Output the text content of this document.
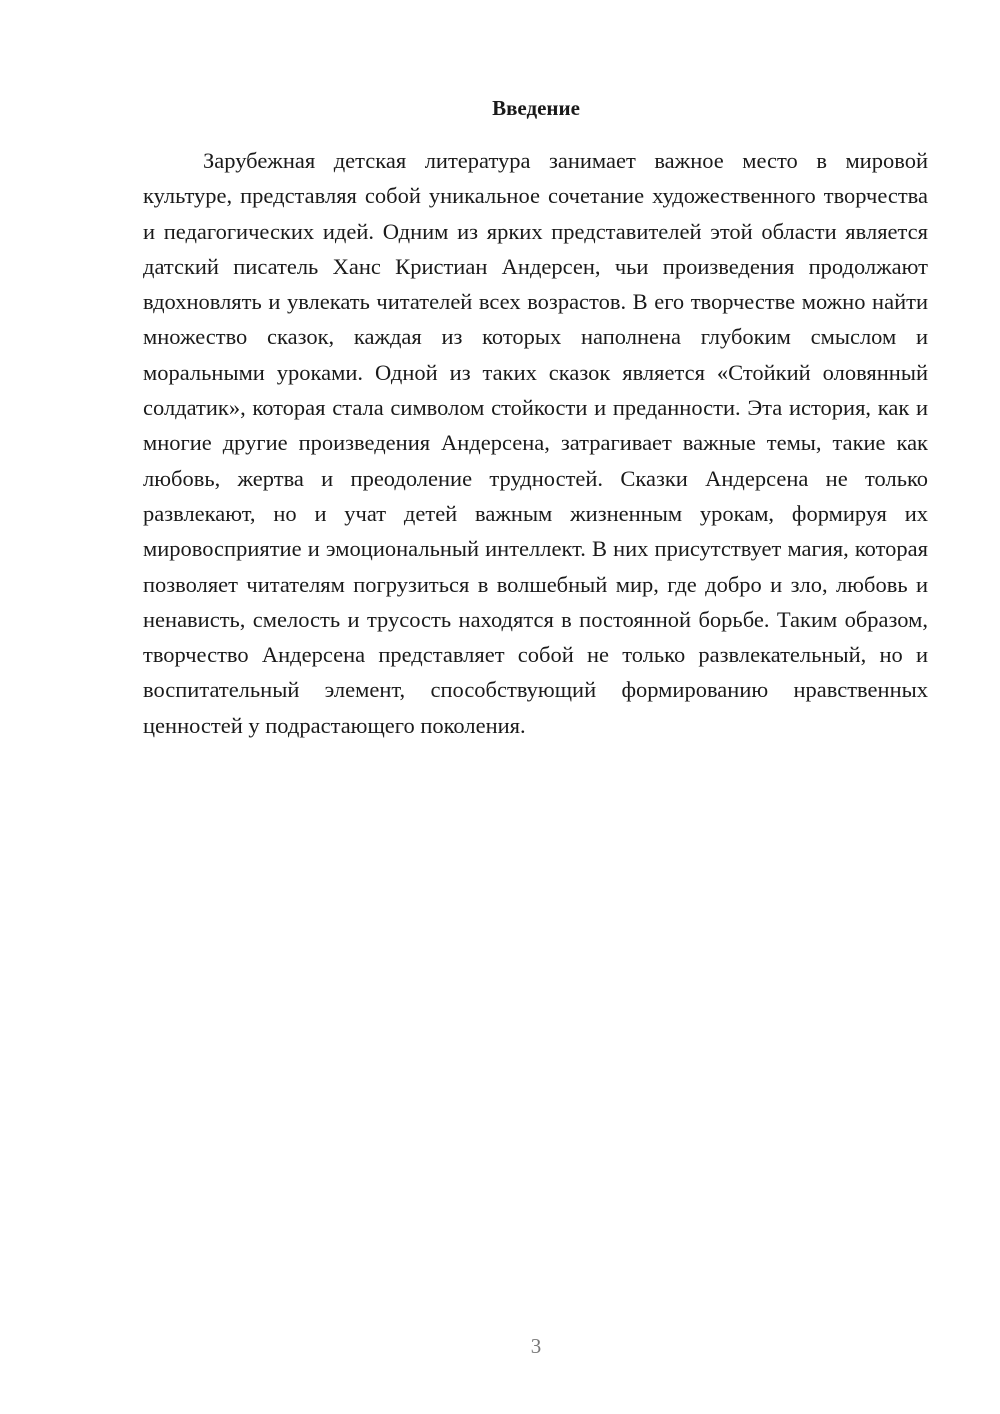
Введение

Зарубежная детская литература занимает важное место в мировой культуре, представляя собой уникальное сочетание художественного творчества и педагогических идей. Одним из ярких представителей этой области является датский писатель Ханс Кристиан Андерсен, чьи произведения продолжают вдохновлять и увлекать читателей всех возрастов. В его творчестве можно найти множество сказок, каждая из которых наполнена глубоким смыслом и моральными уроками. Одной из таких сказок является «Стойкий оловянный солдатик», которая стала символом стойкости и преданности. Эта история, как и многие другие произведения Андерсена, затрагивает важные темы, такие как любовь, жертва и преодоление трудностей. Сказки Андерсена не только развлекают, но и учат детей важным жизненным урокам, формируя их мировосприятие и эмоциональный интеллект. В них присутствует магия, которая позволяет читателям погрузиться в волшебный мир, где добро и зло, любовь и ненависть, смелость и трусость находятся в постоянной борьбе. Таким образом, творчество Андерсена представляет собой не только развлекательный, но и воспитательный элемент, способствующий формированию нравственных ценностей у подрастающего поколения.

3
